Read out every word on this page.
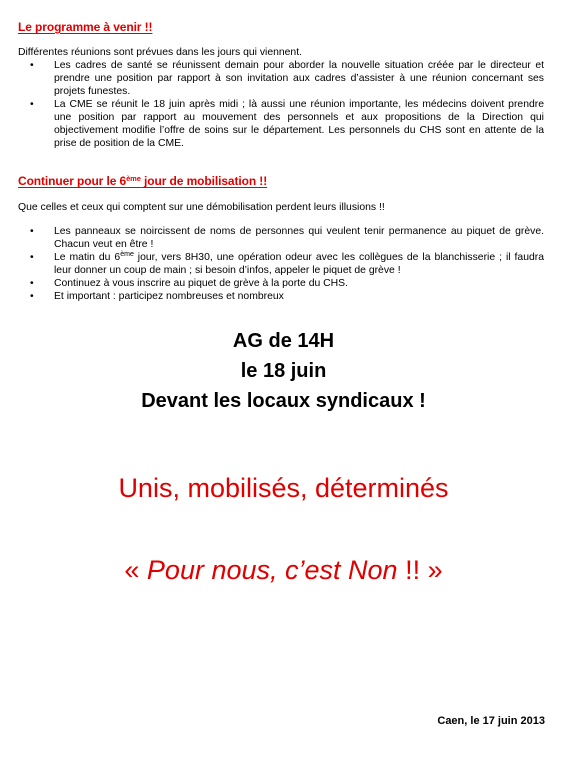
Le programme à venir !!
Différentes réunions sont prévues dans les jours qui viennent.
• Les cadres de santé se réunissent demain pour aborder la nouvelle situation créée par le directeur et prendre une position par rapport à son invitation aux cadres d’assister à une réunion concernant ses projets funestes.
• La CME se réunit le 18 juin après midi ; là aussi une réunion importante, les médecins doivent prendre une position par rapport au mouvement des personnels et aux propositions de la Direction qui objectivement modifie l’offre de soins sur le département. Les personnels du CHS sont en attente de la prise de position de la CME.
Continuer pour le 6ème jour de mobilisation !!
Que celles et ceux qui comptent sur une démobilisation perdent leurs illusions !!
• Les panneaux se noircissent de noms de personnes qui veulent tenir permanence au piquet de grève. Chacun veut en être !
• Le matin du 6ème jour, vers 8H30, une opération odeur avec les collègues de la blanchisserie ; il faudra leur donner un coup de main ; si besoin d’infos, appeler le piquet de grève !
• Continuez à vous inscrire au piquet de grève à la porte du CHS.
• Et important : participez nombreuses et nombreux
AG de 14H
le 18 juin
Devant les locaux syndicaux !
Unis, mobilisés, déterminés
« Pour nous, c’est Non !! »
Caen, le 17 juin 2013
